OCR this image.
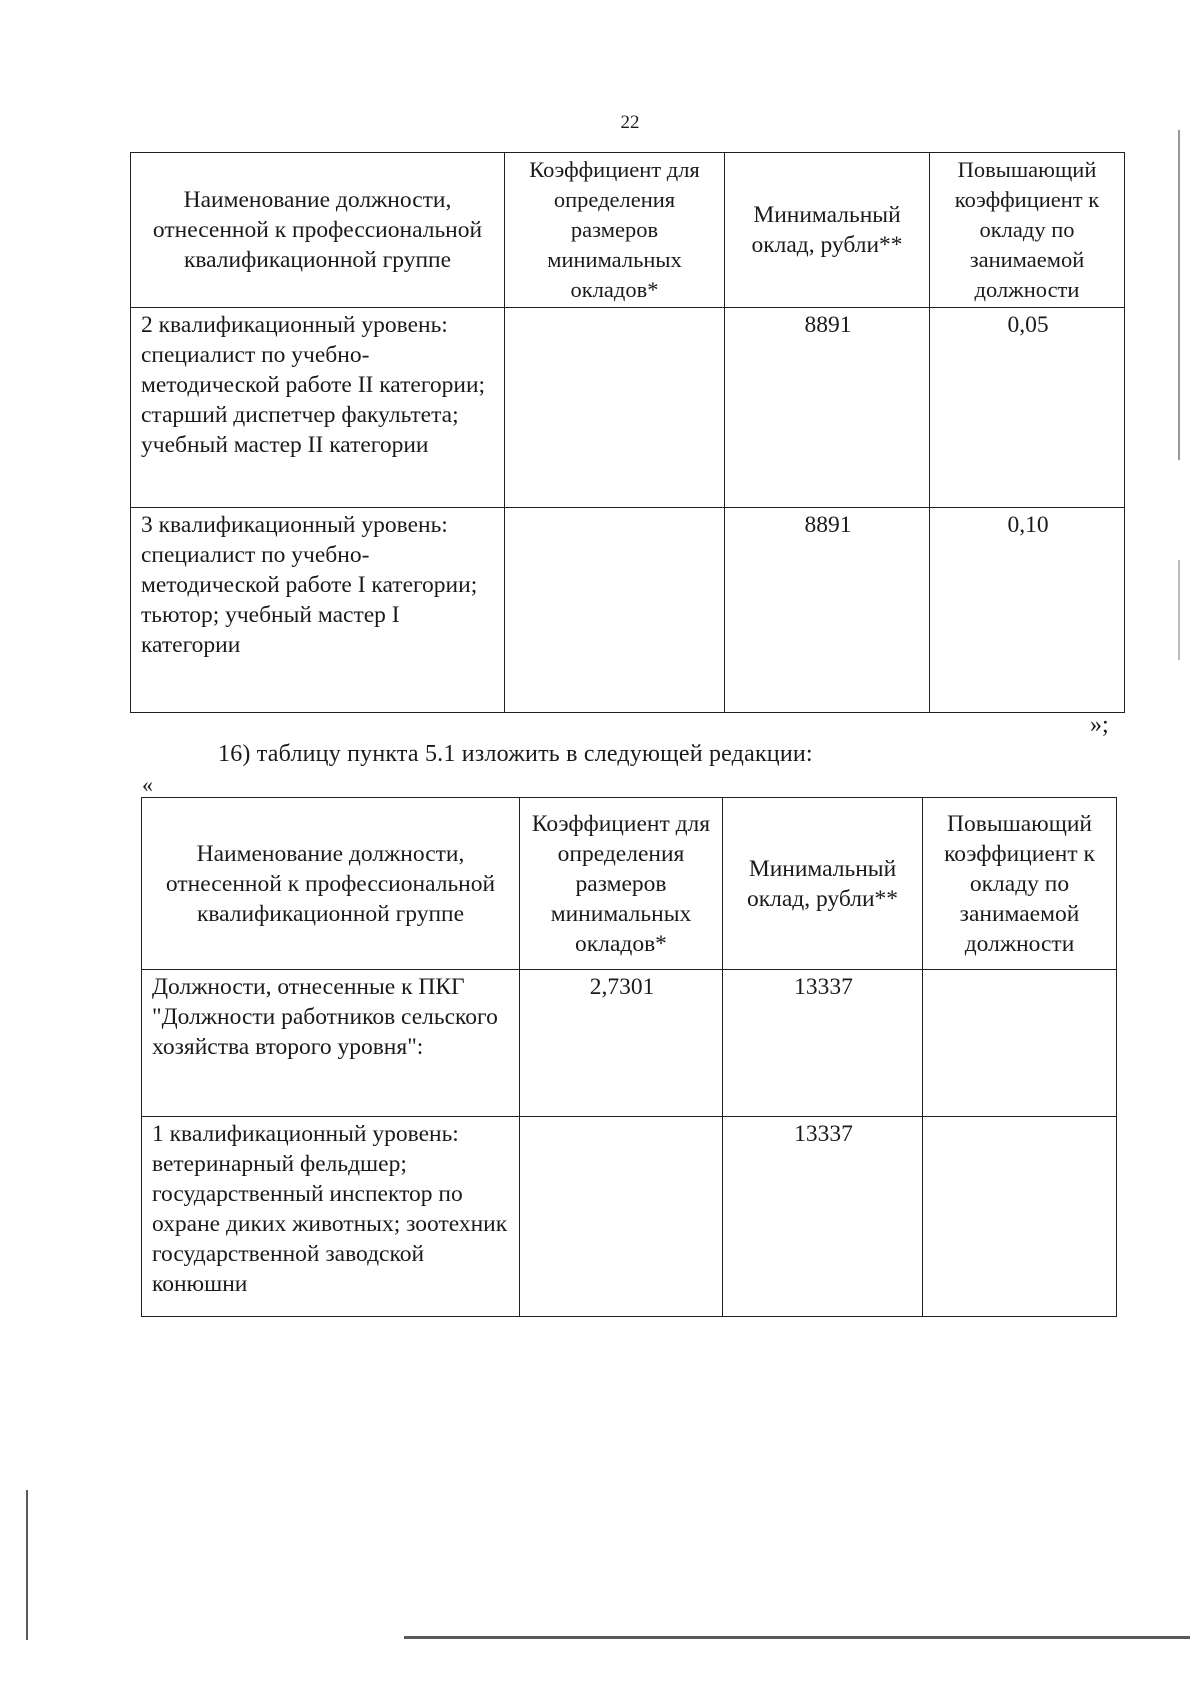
22
Наименование должности, отнесенной к профессиональной квалификационной группе	Коэффициент для определения размеров минимальных окладов*	Минимальный оклад, рубли**	Повышающий коэффициент к окладу по занимаемой должности
2 квалификационный уровень: специалист по учебно-методической работе II категории; старший диспетчер факультета; учебный мастер II категории		8891	0,05
3 квалификационный уровень: специалист по учебно-методической работе I категории; тьютор; учебный мастер I категории		8891	0,10
»;
16) таблицу пункта 5.1 изложить в следующей редакции:
«
Наименование должности, отнесенной к профессиональной квалификационной группе	Коэффициент для определения размеров минимальных окладов*	Минимальный оклад, рубли**	Повышающий коэффициент к окладу по занимаемой должности
Должности, отнесенные к ПКГ "Должности работников сельского хозяйства второго уровня":	2,7301	13337	
1 квалификационный уровень: ветеринарный фельдшер; государственный инспектор по охране диких животных; зоотехник государственной заводской конюшни		13337	
